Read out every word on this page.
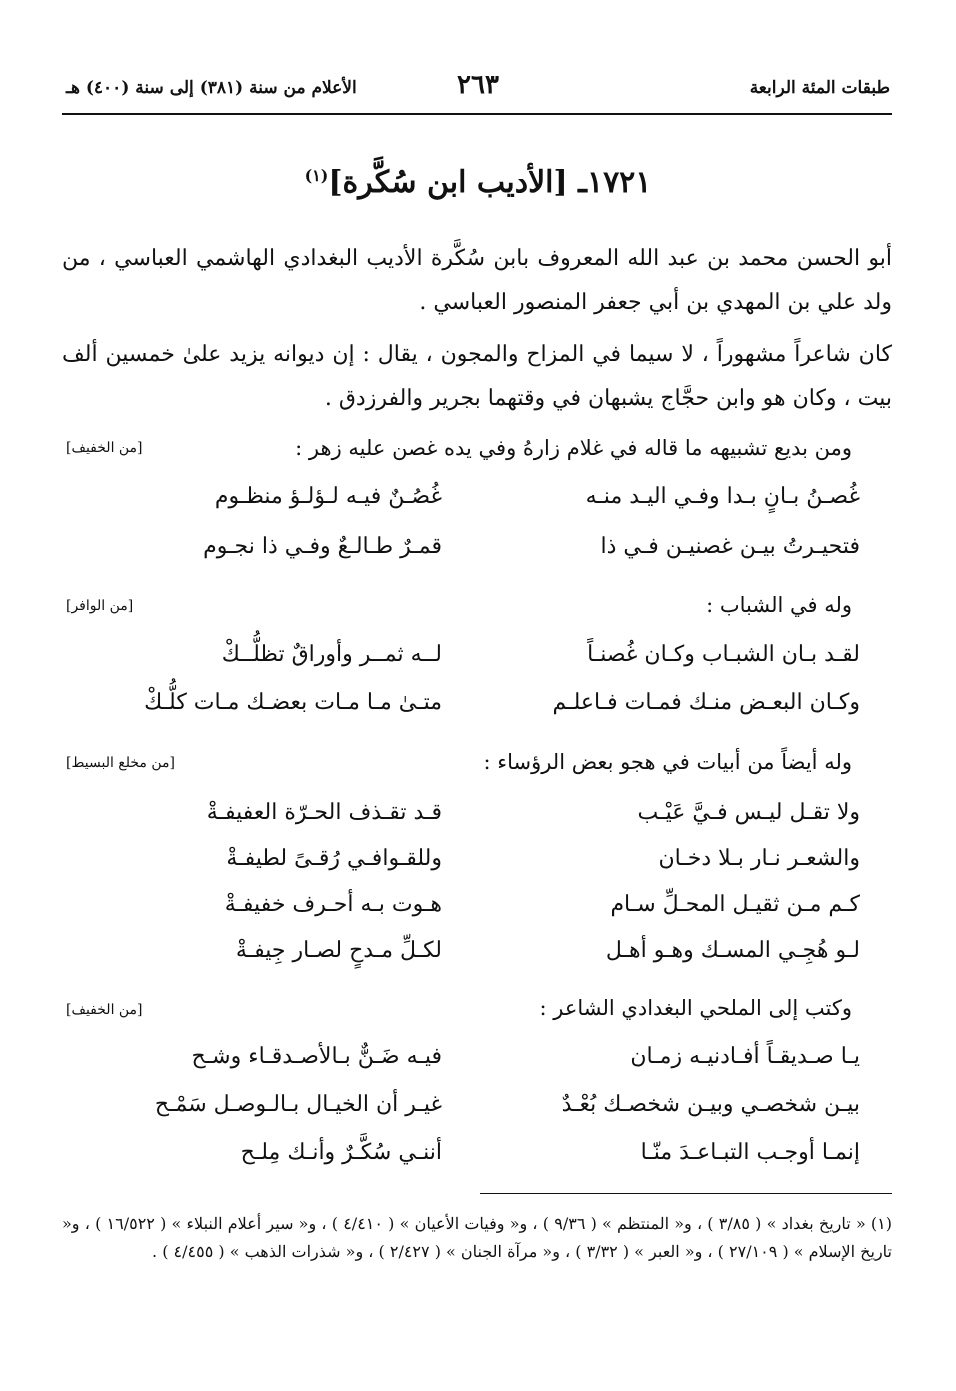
طبقات المئة الرابعة
٢٦٣
الأعلام من سنة (٣٨١) إلى سنة (٤٠٠) هـ
١٧٢١ـ [الأديب ابن سُكَّرة]$^{(١)}$
أبو الحسن محمد بن عبد الله المعروف بابن سُكَّرة الأديب البغدادي الهاشمي العباسي ، من ولد علي بن المهدي بن أبي جعفر المنصور العباسي .
كان شاعراً مشهوراً ، لا سيما في المزاح والمجون ، يقال : إن ديوانه يزيد علىٰ خمسين ألف بيت ، وكان هو وابن حجَّاج يشبهان في وقتهما بجرير والفرزدق .
ومن بديع تشبيهه ما قاله في غلام زارهُ وفي يده غصن عليه زهر :
[من الخفيف]
غُصـنُ بـانٍ بـدا وفـي اليـد منـه
غُصُـنٌ فيـه لـؤلـؤ منظـوم
فتحيـرتُ بيـن غصنيـن فـي ذا
قمـرٌ طـالـعٌ وفـي ذا نجـوم
وله في الشباب :
[من الوافر]
لقـد بـان الشبـاب وكـان غُصنـاً
لــه ثمــر وأوراقٌ تظلُّــكْ
وكـان البعـض منـك فمـات فـاعلـم
متـىٰ مـا مـات بعضـك مـات كلُّـكْ
وله أيضاً من أبيات في هجو بعض الرؤساء :
[من مخلع البسيط]
ولا تقـل ليـس فـيَّ عَيْـب
قـد تقـذف الحـرّة العفيفـةْ
والشعـر نـار بـلا دخـان
وللقـوافـي رُقـىً لطيفـةْ
كـم مـن ثقيـل المحـلِّ سـام
هـوت بـه أحـرف خفيفـةْ
لـو هُجِـي المسـك وهـو أهـل
لكـلِّ مـدحٍ لصـار جِيفـةْ
وكتب إلى الملحي البغدادي الشاعر :
[من الخفيف]
يـا صـديقـاً أفـادنيـه زمـان
فيـه ضَـنٌّ بـالأصـدقـاء وشـح
بيـن شخصـي وبيـن شخصـك بُعْـدٌ
غيـر أن الخيـال بـالـوصـل سَمْـح
إنمـا أوجـب التبـاعـدَ منّـا
أننـي سُكَّـرٌ وأنـك مِلـح
(١) « تاريخ بغداد » ( ٣/٨٥ ) ، و« المنتظم » ( ٩/٣٦ ) ، و« وفيات الأعيان » ( ٤/٤١٠ ) ، و« سير أعلام النبلاء » ( ١٦/٥٢٢ ) ، و« تاريخ الإسلام » ( ٢٧/١٠٩ ) ، و« العبر » ( ٣/٣٢ ) ، و« مرآة الجنان » ( ٢/٤٢٧ ) ، و« شذرات الذهب » ( ٤/٤٥٥ ) .
